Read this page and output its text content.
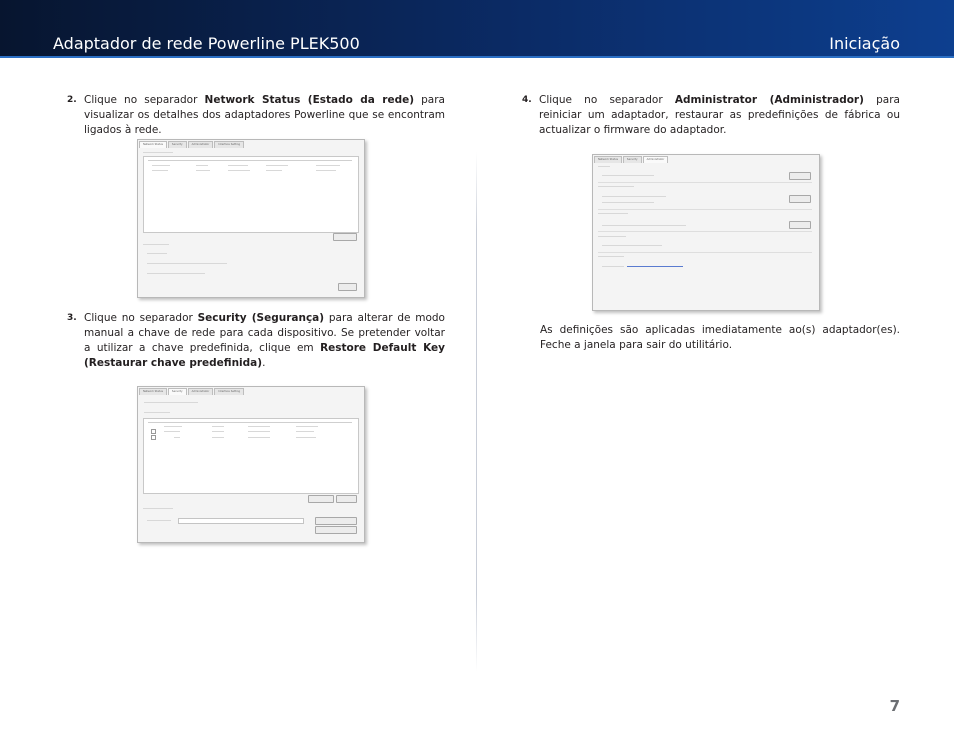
Adaptador de rede Powerline PLEK500	Iniciação
2. Clique no separador Network Status (Estado da rede) para visualizar os detalhes dos adaptadores Powerline que se encontram ligados à rede.
Network Status	Security	Administrator	Interface Setting
3. Clique no separador Security (Segurança) para alterar de modo manual a chave de rede para cada dispositivo. Se pretender voltar a utilizar a chave predefinida, clique em Restore Default Key (Restaurar chave predefinida).
Network Status	Security	Administrator	Interface Setting
4. Clique no separador Administrator (Administrador) para reiniciar um adaptador, restaurar as predefinições de fábrica ou actualizar o firmware do adaptador.
Network Status	Security	Administrator
As definições são aplicadas imediatamente ao(s) adaptador(es). Feche a janela para sair do utilitário.
7
